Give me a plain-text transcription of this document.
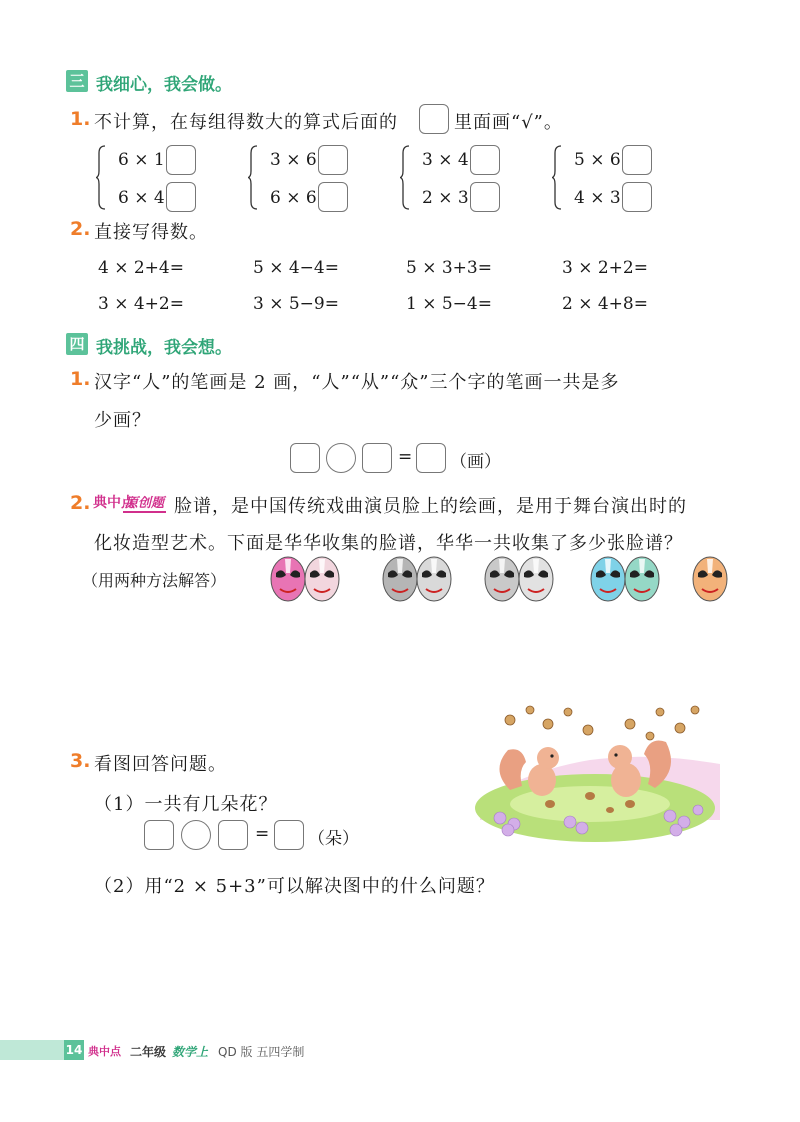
三 我细心，我会做。
1. 不计算，在每组得数大的算式后面的	里面画“√”。
6 × 1
6 × 4
3 × 6
6 × 6
3 × 4
2 × 3
5 × 6
4 × 3
2. 直接写得数。
4 × 2+4=	5 × 4−4=	5 × 3+3=	3 × 2+2=
3 × 4+2=	3 × 5−9=	1 × 5−4=	2 × 4+8=
四 我挑战，我会想。
1. 汉字“人”的笔画是 2 画，“人”“从”“众”三个字的笔画一共是多
少画？
= （画）
2. 典中点
原创题 脸谱，是中国传统戏曲演员脸上的绘画，是用于舞台演出时的
化妆造型艺术。下面是华华收集的脸谱，华华一共收集了多少张脸谱？
（用两种方法解答）
3. 看图回答问题。
（1）一共有几朵花？
= （朵）
（2）用“2 × 5+3”可以解决图中的什么问题？
14 典中点 二年级 数学上 QD 版 五四学制
